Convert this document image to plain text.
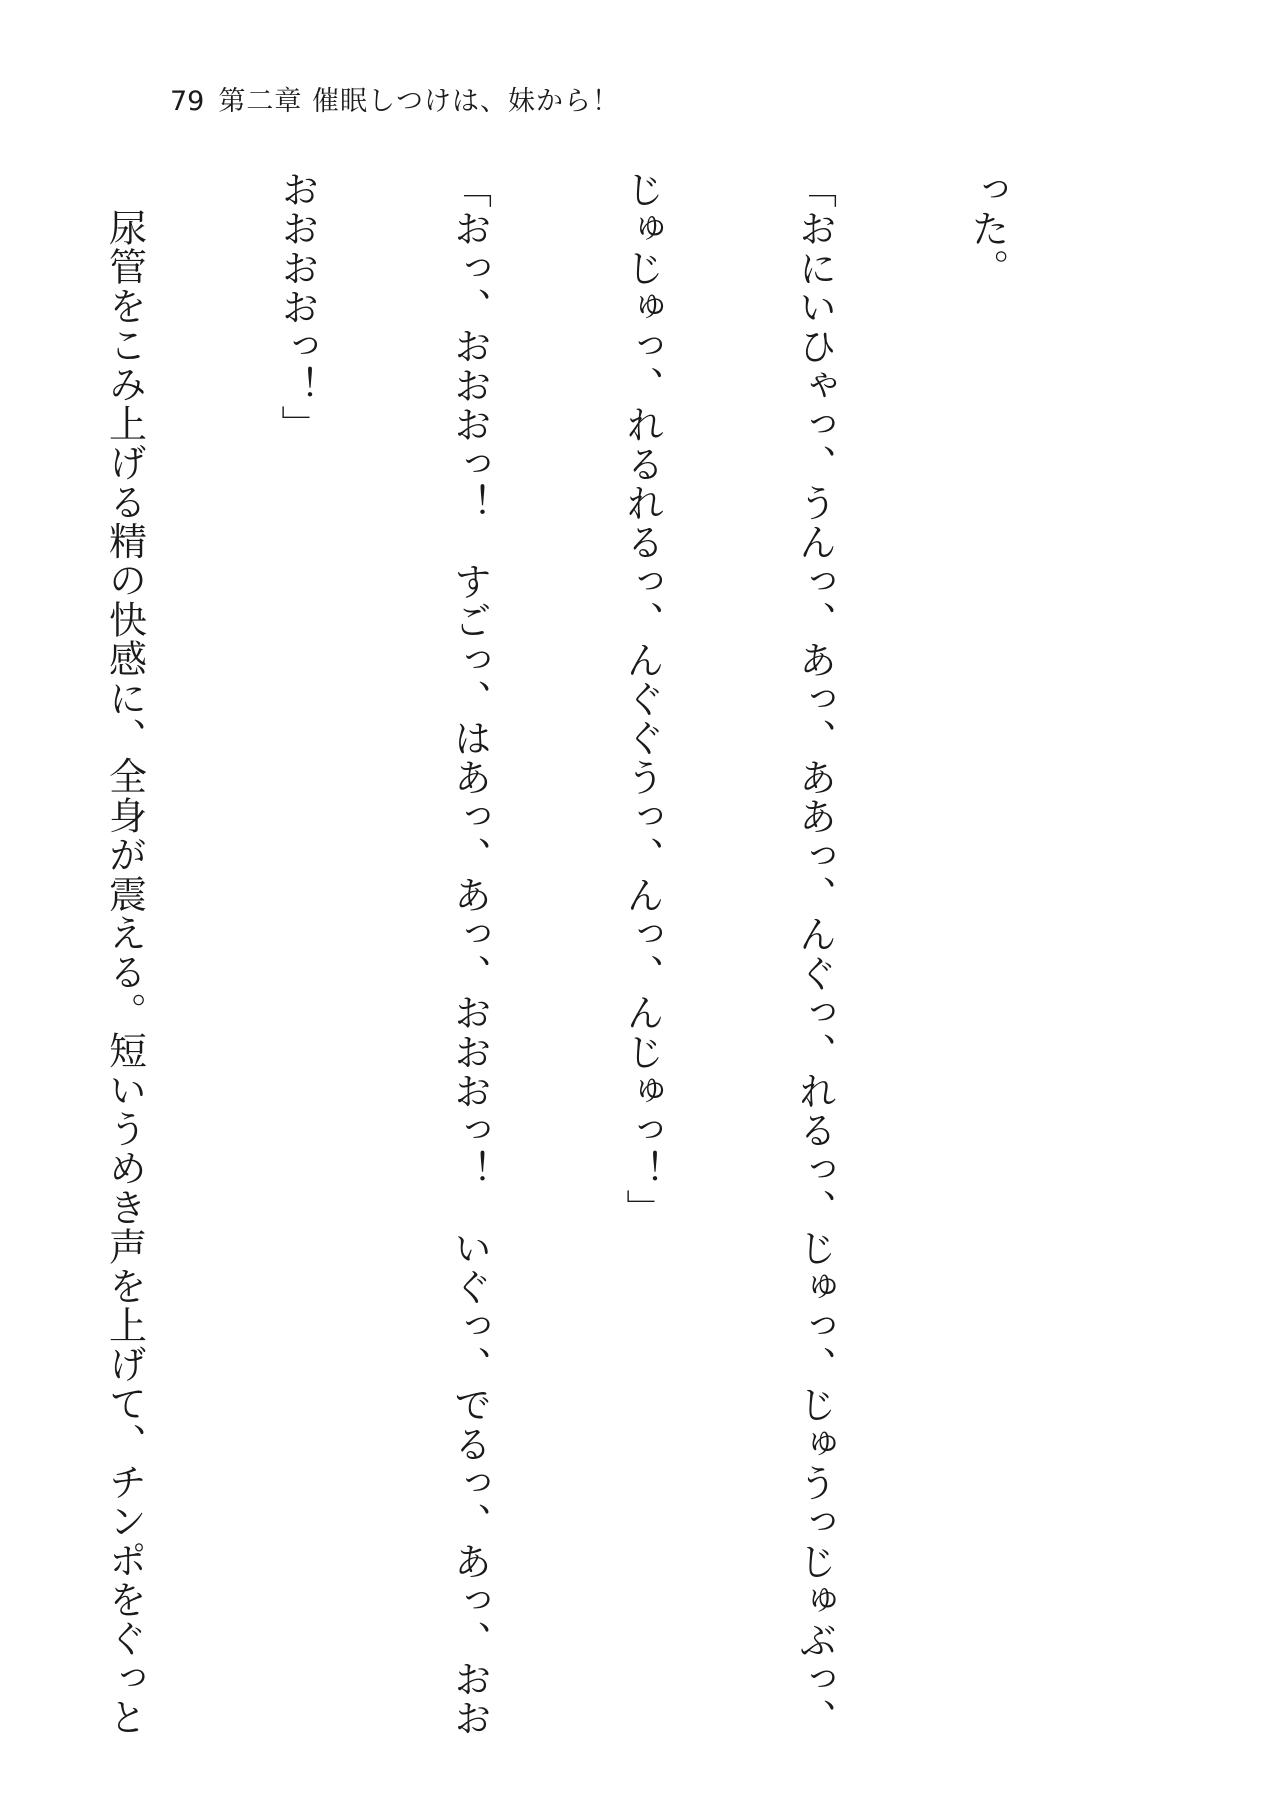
79 第二章 催眠しつけは、妹から！

った。

「おにいひゃっ、うんっ、あっ、ああっ、んぐっ、れるっ、じゅっ、じゅうっじゅぶっ、

じゅじゅっ、れるれるっ、んぐぐうっ、んっ、んじゅっ！」

「おっ、おおおっ！　すごっ、はあっ、あっ、おおおっ！　いぐっ、でるっ、あっ、おお

おおおおっ！」

尿管をこみ上げる精の快感に、全身が震える。短いうめき声を上げて、チンポをぐっと
